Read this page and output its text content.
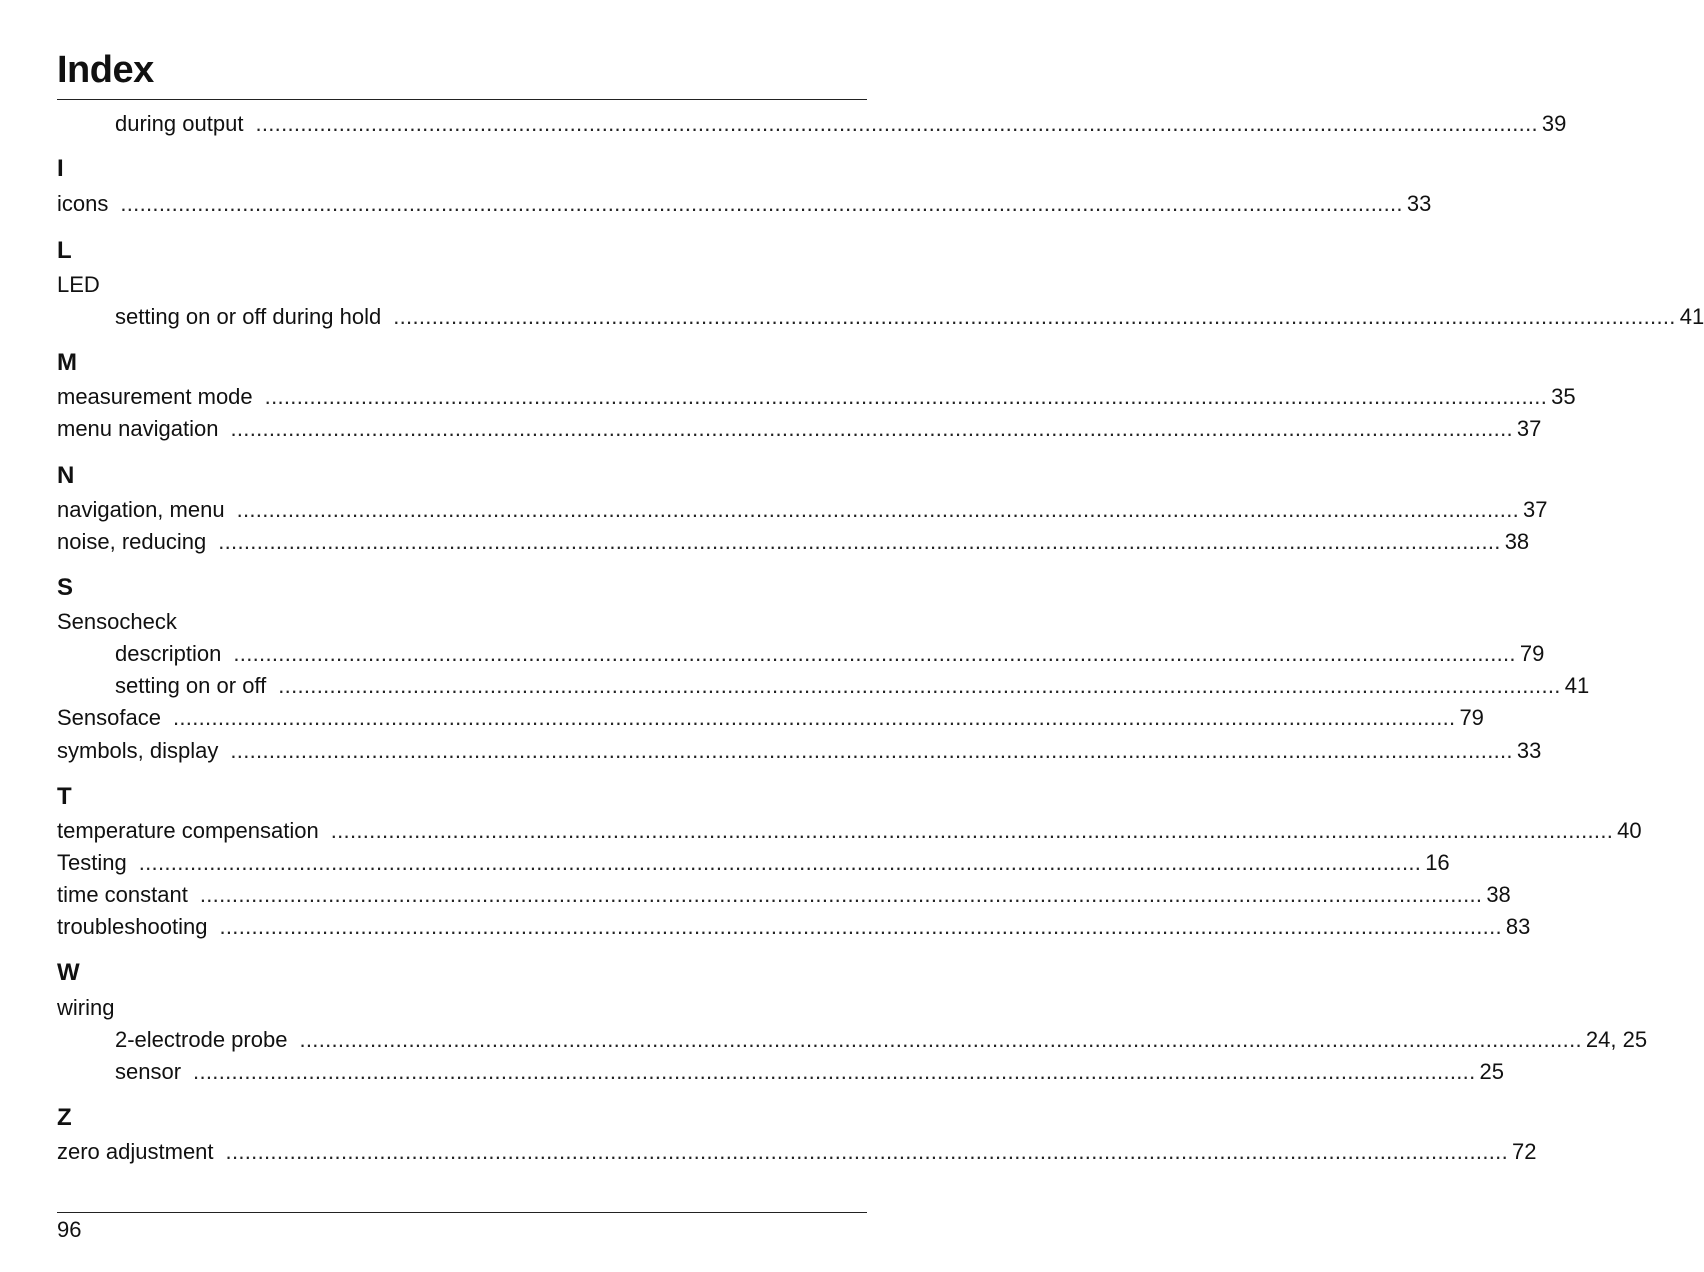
Index
during output ........................................................................................................................................................................................................ 39
I
icons ........................................................................................................................................................................................................ 33
L
LED
setting on or off during hold ........................................................................................................................................................................................................ 41
M
measurement mode ........................................................................................................................................................................................................ 35
menu navigation ........................................................................................................................................................................................................ 37
N
navigation, menu ........................................................................................................................................................................................................ 37
noise, reducing ........................................................................................................................................................................................................ 38
S
Sensocheck
description ........................................................................................................................................................................................................ 79
setting on or off ........................................................................................................................................................................................................ 41
Sensoface ........................................................................................................................................................................................................ 79
symbols, display ........................................................................................................................................................................................................ 33
T
temperature compensation ........................................................................................................................................................................................................ 40
Testing ........................................................................................................................................................................................................ 16
time constant ........................................................................................................................................................................................................ 38
troubleshooting ........................................................................................................................................................................................................ 83
W
wiring
2-electrode probe ........................................................................................................................................................................................................ 24, 25
sensor ........................................................................................................................................................................................................ 25
Z
zero adjustment ........................................................................................................................................................................................................ 72
96
